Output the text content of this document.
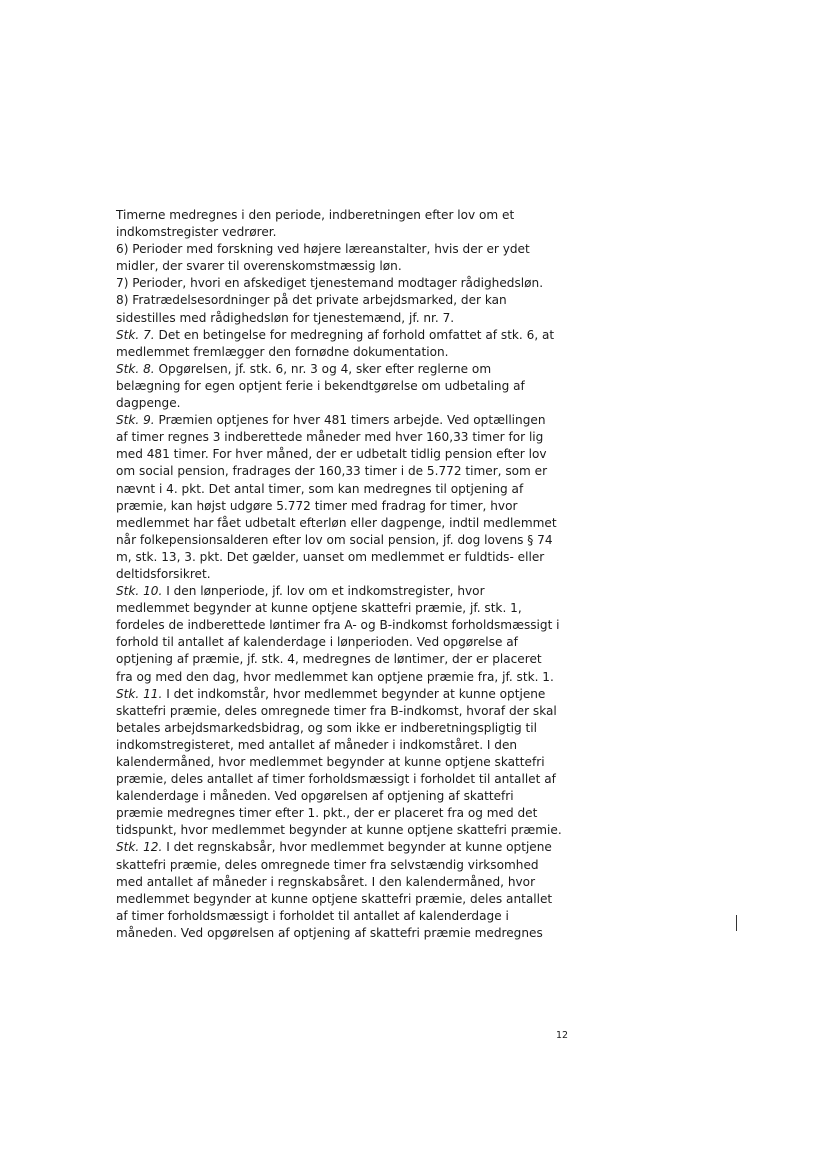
Timerne medregnes i den periode, indberetningen efter lov om et
indkomstregister vedrører.
6) Perioder med forskning ved højere læreanstalter, hvis der er ydet
midler, der svarer til overenskomstmæssig løn.
7) Perioder, hvori en afskediget tjenestemand modtager rådighedsløn.
8) Fratrædelsesordninger på det private arbejdsmarked, der kan
sidestilles med rådighedsløn for tjenestemænd, jf. nr. 7.
Stk. 7. Det en betingelse for medregning af forhold omfattet af stk. 6, at
medlemmet fremlægger den fornødne dokumentation.
Stk. 8. Opgørelsen, jf. stk. 6, nr. 3 og 4, sker efter reglerne om
belægning for egen optjent ferie i bekendtgørelse om udbetaling af
dagpenge.
Stk. 9. Præmien optjenes for hver 481 timers arbejde. Ved optællingen
af timer regnes 3 indberettede måneder med hver 160,33 timer for lig
med 481 timer. For hver måned, der er udbetalt tidlig pension efter lov
om social pension, fradrages der 160,33 timer i de 5.772 timer, som er
nævnt i 4. pkt. Det antal timer, som kan medregnes til optjening af
præmie, kan højst udgøre 5.772 timer med fradrag for timer, hvor
medlemmet har fået udbetalt efterløn eller dagpenge, indtil medlemmet
når folkepensionsalderen efter lov om social pension, jf. dog lovens § 74
m, stk. 13, 3. pkt. Det gælder, uanset om medlemmet er fuldtids- eller
deltidsforsikret.
Stk. 10. I den lønperiode, jf. lov om et indkomstregister, hvor
medlemmet begynder at kunne optjene skattefri præmie, jf. stk. 1,
fordeles de indberettede løntimer fra A- og B-indkomst forholdsmæssigt i
forhold til antallet af kalenderdage i lønperioden. Ved opgørelse af
optjening af præmie, jf. stk. 4, medregnes de løntimer, der er placeret
fra og med den dag, hvor medlemmet kan optjene præmie fra, jf. stk. 1.
Stk. 11. I det indkomstår, hvor medlemmet begynder at kunne optjene
skattefri præmie, deles omregnede timer fra B-indkomst, hvoraf der skal
betales arbejdsmarkedsbidrag, og som ikke er indberetningspligtig til
indkomstregisteret, med antallet af måneder i indkomståret. I den
kalendermåned, hvor medlemmet begynder at kunne optjene skattefri
præmie, deles antallet af timer forholdsmæssigt i forholdet til antallet af
kalenderdage i måneden. Ved opgørelsen af optjening af skattefri
præmie medregnes timer efter 1. pkt., der er placeret fra og med det
tidspunkt, hvor medlemmet begynder at kunne optjene skattefri præmie.
Stk. 12. I det regnskabsår, hvor medlemmet begynder at kunne optjene
skattefri præmie, deles omregnede timer fra selvstændig virksomhed
med antallet af måneder i regnskabsåret. I den kalendermåned, hvor
medlemmet begynder at kunne optjene skattefri præmie, deles antallet
af timer forholdsmæssigt i forholdet til antallet af kalenderdage i
måneden. Ved opgørelsen af optjening af skattefri præmie medregnes
12
